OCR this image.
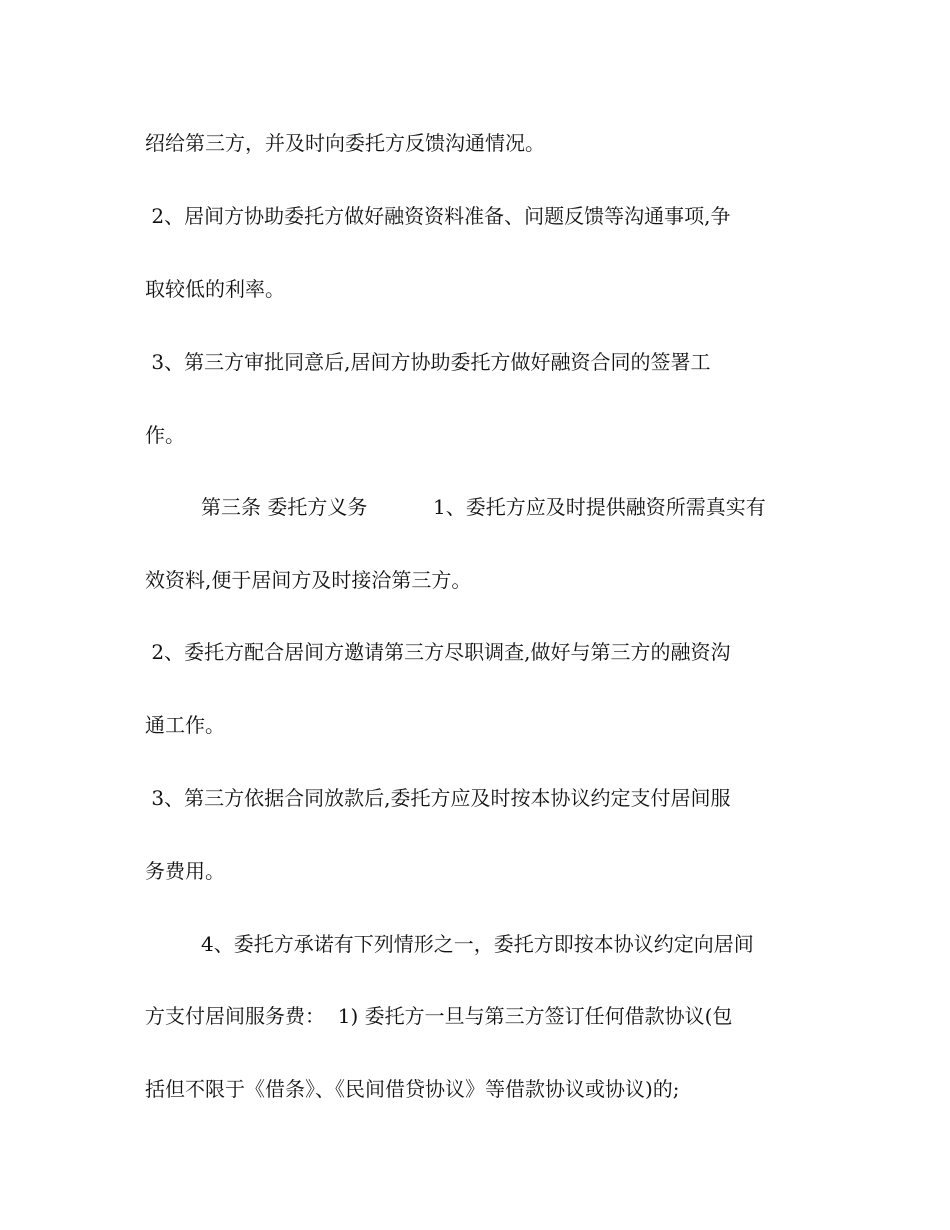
绍给第三方，并及时向委托方反馈沟通情况。
2、居间方协助委托方做好融资资料准备、问题反馈等沟通事项,争
取较低的利率。
3、第三方审批同意后,居间方协助委托方做好融资合同的签署工
作。
第三条 委托方义务	1、委托方应及时提供融资所需真实有
效资料,便于居间方及时接洽第三方。
2、委托方配合居间方邀请第三方尽职调查,做好与第三方的融资沟
通工作。
3、第三方依据合同放款后,委托方应及时按本协议约定支付居间服
务费用。
4、委托方承诺有下列情形之一，委托方即按本协议约定向居间
方支付居间服务费：  1) 委托方一旦与第三方签订任何借款协议(包
括但不限于《借条》、《民间借贷协议》等借款协议或协议)的;
